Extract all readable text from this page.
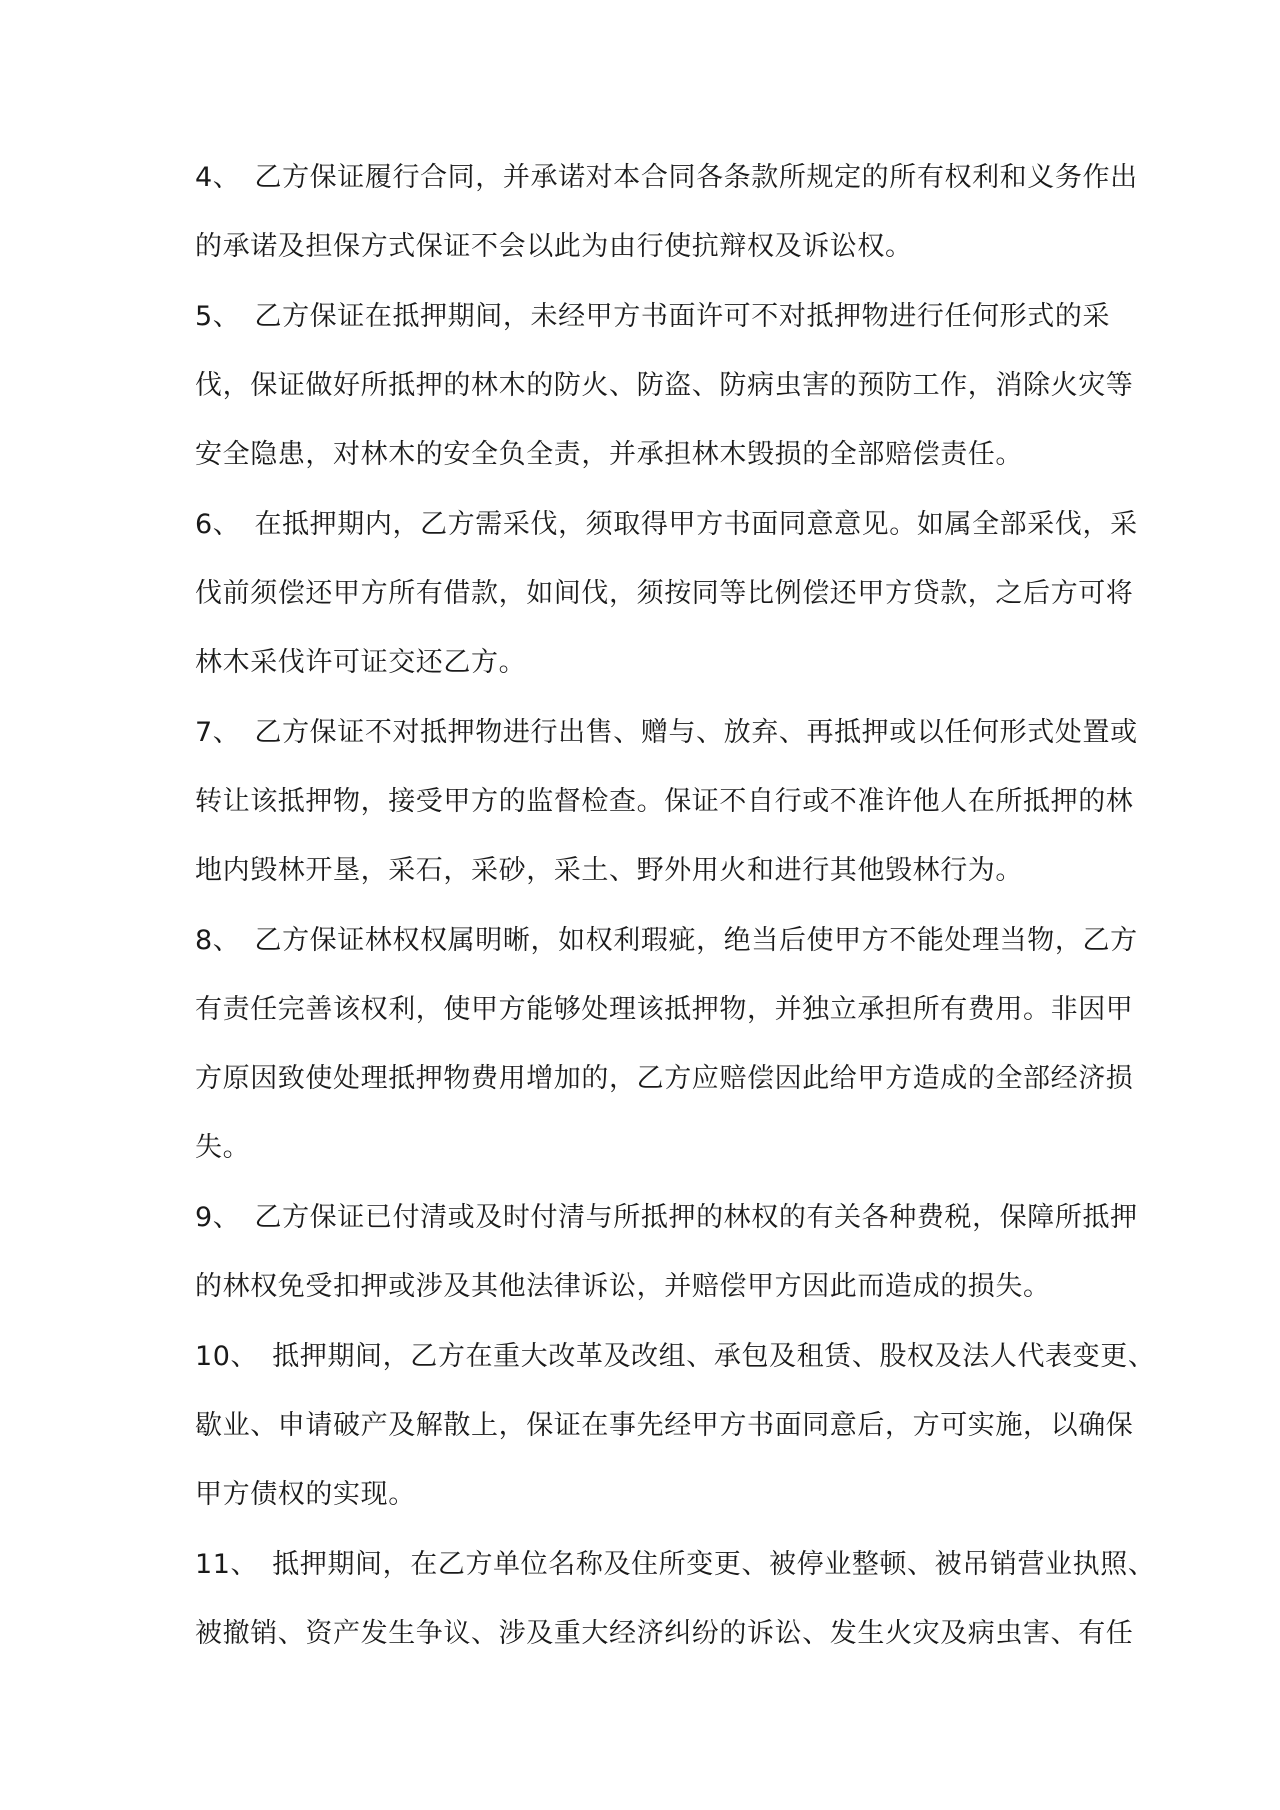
4、　乙方保证履行合同，并承诺对本合同各条款所规定的所有权利和义务作出
的承诺及担保方式保证不会以此为由行使抗辩权及诉讼权。
5、　乙方保证在抵押期间，未经甲方书面许可不对抵押物进行任何形式的采
伐，保证做好所抵押的林木的防火、防盗、防病虫害的预防工作，消除火灾等
安全隐患，对林木的安全负全责，并承担林木毁损的全部赔偿责任。
6、　在抵押期内，乙方需采伐，须取得甲方书面同意意见。如属全部采伐，采
伐前须偿还甲方所有借款，如间伐，须按同等比例偿还甲方贷款，之后方可将
林木采伐许可证交还乙方。
7、　乙方保证不对抵押物进行出售、赠与、放弃、再抵押或以任何形式处置或
转让该抵押物，接受甲方的监督检查。保证不自行或不准许他人在所抵押的林
地内毁林开垦，采石，采砂，采土、野外用火和进行其他毁林行为。
8、　乙方保证林权权属明晰，如权利瑕疵，绝当后使甲方不能处理当物，乙方
有责任完善该权利，使甲方能够处理该抵押物，并独立承担所有费用。非因甲
方原因致使处理抵押物费用增加的，乙方应赔偿因此给甲方造成的全部经济损
失。
9、　乙方保证已付清或及时付清与所抵押的林权的有关各种费税，保障所抵押
的林权免受扣押或涉及其他法律诉讼，并赔偿甲方因此而造成的损失。
10、　抵押期间，乙方在重大改革及改组、承包及租赁、股权及法人代表变更、
歇业、申请破产及解散上，保证在事先经甲方书面同意后，方可实施，以确保
甲方债权的实现。
11、　抵押期间，在乙方单位名称及住所变更、被停业整顿、被吊销营业执照、
被撤销、资产发生争议、涉及重大经济纠纷的诉讼、发生火灾及病虫害、有任
